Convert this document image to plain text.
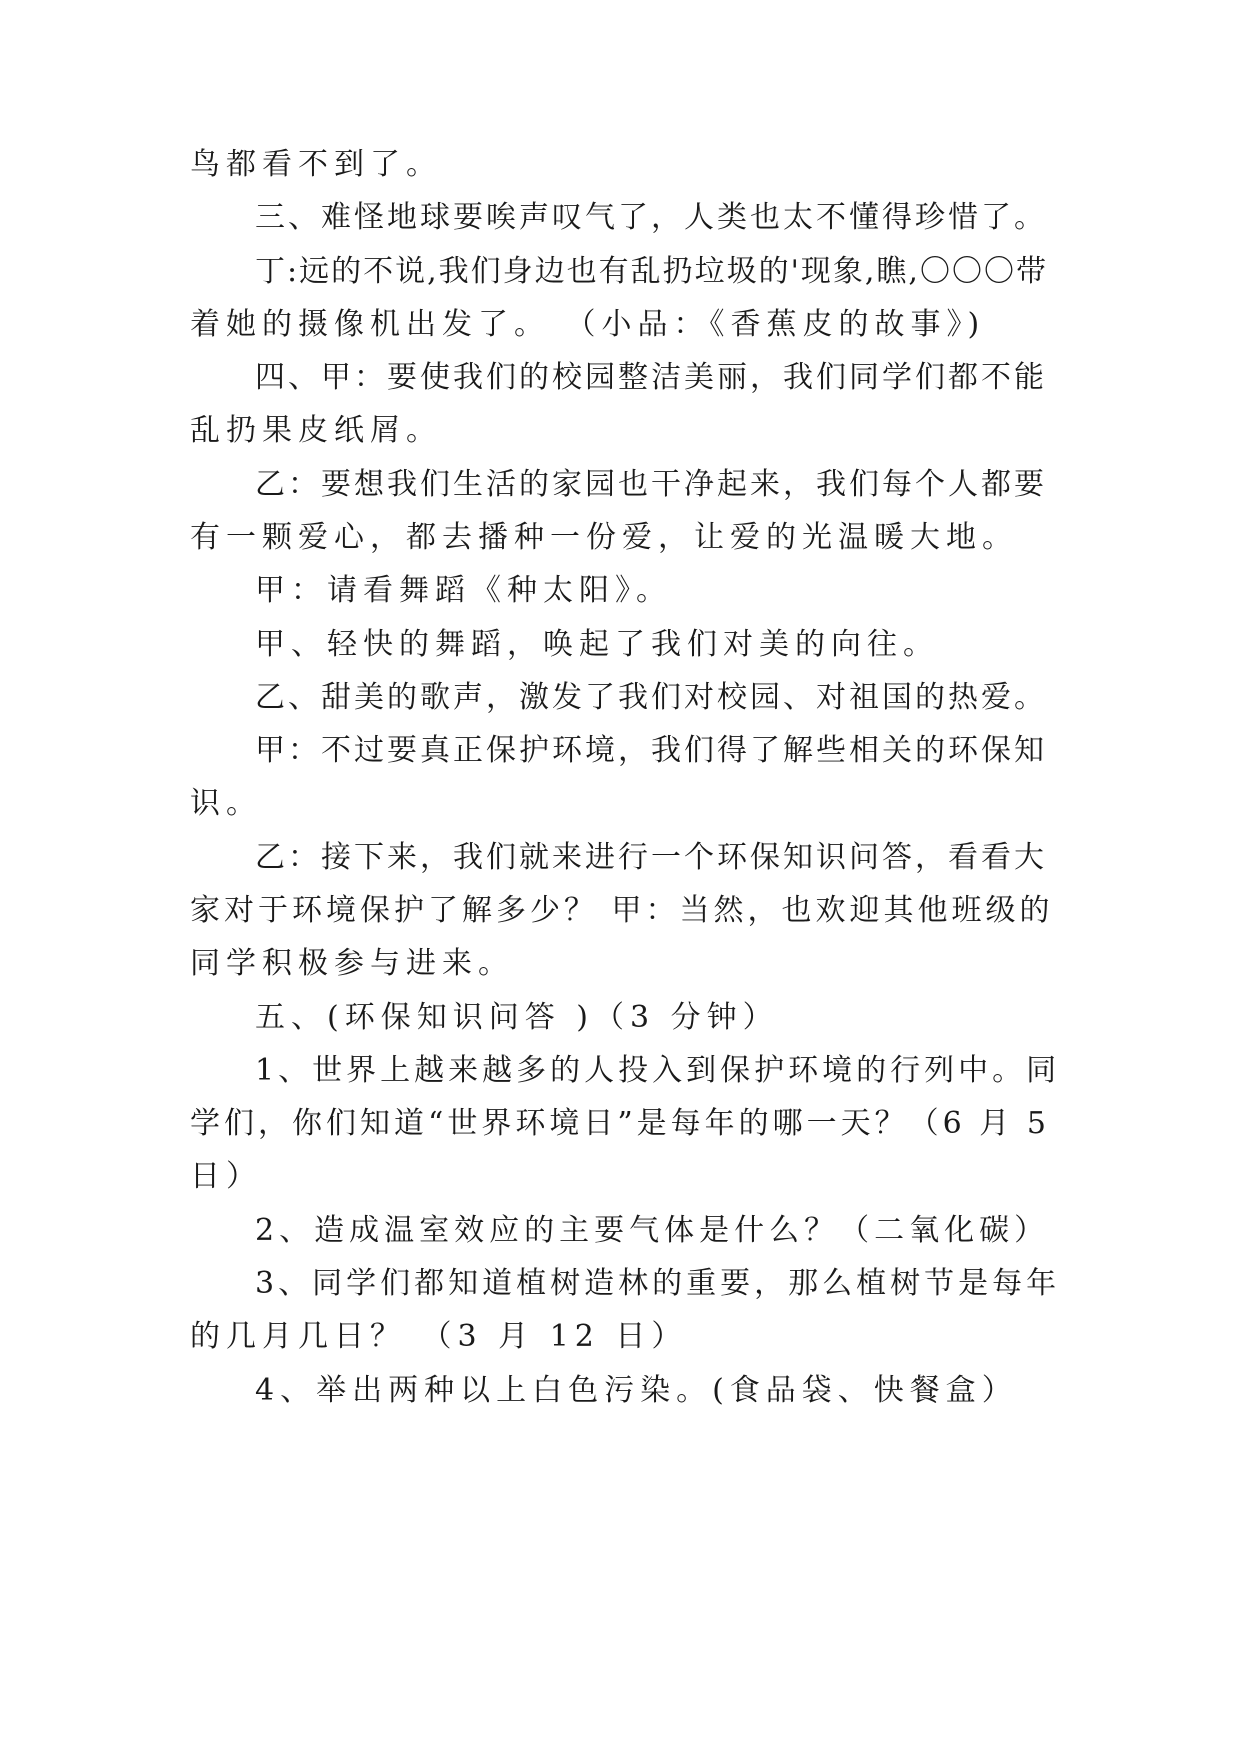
鸟都看不到了。
三、难怪地球要唉声叹气了，人类也太不懂得珍惜了。
丁:远的不说,我们身边也有乱扔垃圾的'现象,瞧,〇〇〇带
着她的摄像机出发了。 （小品：《香蕉皮的故事》)
四、甲：要使我们的校园整洁美丽，我们同学们都不能
乱扔果皮纸屑。
乙：要想我们生活的家园也干净起来，我们每个人都要
有一颗爱心，都去播种一份爱，让爱的光温暖大地。
甲：请看舞蹈《种太阳》。
甲、轻快的舞蹈，唤起了我们对美的向往。
乙、甜美的歌声，激发了我们对校园、对祖国的热爱。
甲：不过要真正保护环境，我们得了解些相关的环保知
识。
乙：接下来，我们就来进行一个环保知识问答，看看大
家对于环境保护了解多少？ 甲：当然，也欢迎其他班级的
同学积极参与进来。
五、(环保知识问答 )（3 分钟）
1、世界上越来越多的人投入到保护环境的行列中。同
学们，你们知道“世界环境日”是每年的哪一天？（6 月 5
日）
2、造成温室效应的主要气体是什么？（二氧化碳）
3、同学们都知道植树造林的重要，那么植树节是每年
的几月几日？ （3 月 12 日）
4、举出两种以上白色污染。(食品袋、快餐盒）
